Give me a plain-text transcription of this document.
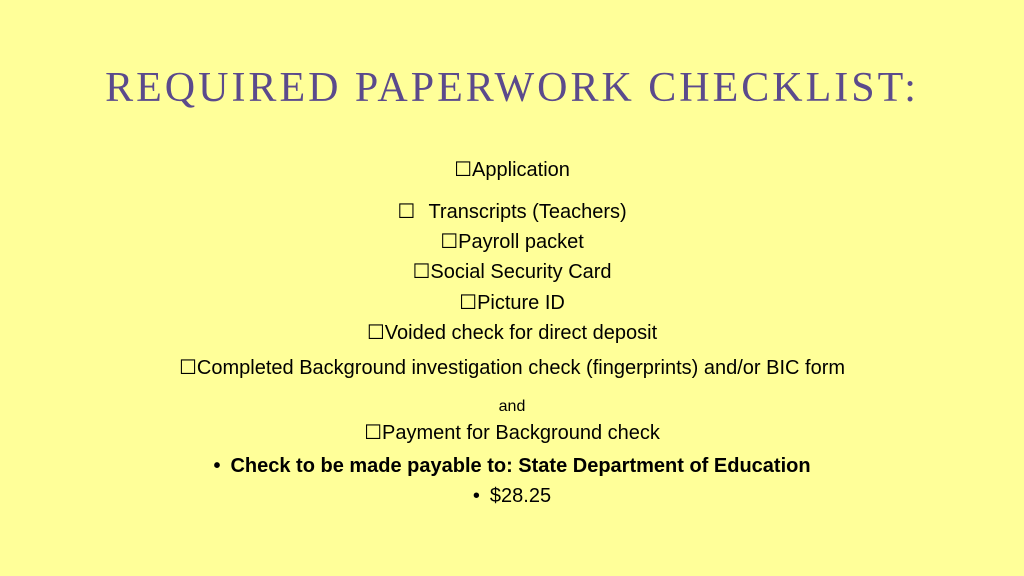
REQUIRED PAPERWORK CHECKLIST:
☐Application
☐ Transcripts (Teachers)
☐Payroll packet
☐Social Security Card
☐Picture ID
☐Voided check for direct deposit
☐Completed Background investigation check (fingerprints) and/or BIC form
and
☐Payment for Background check
• Check to be made payable to: State Department of Education
• $28.25
